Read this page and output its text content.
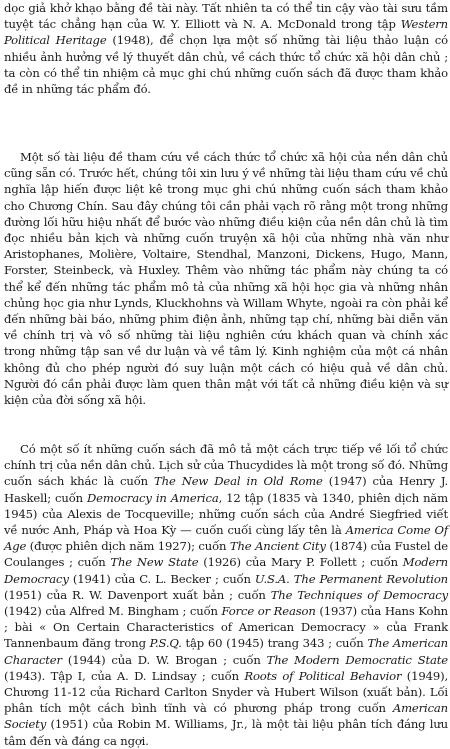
dọc giả khở khạo bằng đề tài này. Tất nhiên ta có thể tin cậy vào tài sưu tầm tuyệt tác chẳng hạn của W. Y. Elliott và N. A. McDonald trong tập Western Political Heritage (1948), để chọn lựa một số những tài liệu thảo luận có nhiều ảnh hưởng về lý thuyết dân chủ, về cách thức tổ chức xã hội dân chủ ; ta còn có thể tin nhiệm cả mục ghi chú những cuốn sách đã được tham khảo đề in những tác phẩm đó.

Một số tài liệu đề tham cứu về cách thức tổ chức xã hội của nền dân chủ cũng sẵn có. Trước hết, chúng tôi xin lưu ý về những tài liệu tham cứu về chủ nghĩa lập hiến được liệt kê trong mục ghi chú những cuốn sách tham khảo cho Chương Chín. Sau đây chúng tôi cần phải vạch rõ rằng một trong những đường lối hữu hiệu nhất để bước vào những điều kiện của nền dân chủ là tìm đọc nhiều bản kịch và những cuốn truyện xã hội của những nhà văn như Aristophanes, Molière, Voltaire, Stendhal, Manzoni, Dickens, Hugo, Mann, Forster, Steinbeck, và Huxley. Thêm vào những tác phẩm này chúng ta có thể kể đến những tác phẩm mô tả của những xã hội học gia và những nhân chủng học gia như Lynds, Kluckhohns và Willam Whyte, ngoài ra còn phải kể đến những bài báo, những phim điện ảnh, những tạp chí, những bài diễn văn về chính trị và vô số những tài liệu nghiên cứu khách quan và chính xác trong những tập san về dư luận và về tâm lý. Kinh nghiệm của một cá nhân không đủ cho phép người đó suy luận một cách có hiệu quả về dân chủ. Người đó cần phải được làm quen thân mật với tất cả những điều kiện và sự kiện của đời sống xã hội.

Có một số ít những cuốn sách đã mô tả một cách trực tiếp về lối tổ chức chính trị của nền dân chủ. Lịch sử của Thucydides là một trong số đó. Những cuốn sách khác là cuốn The New Deal in Old Rome (1947) của Henry J. Haskell; cuốn Democracy in America, 12 tập (1835 và 1340, phiên dịch năm 1945) của Alexis de Tocqueville; những cuốn sách của André Siegfried viết về nước Anh, Pháp và Hoa Kỳ — cuốn cuối cùng lấy tên là America Come Of Age (được phiên dịch năm 1927); cuốn The Ancient City (1874) của Fustel de Coulanges ; cuốn The New State (1926) của Mary P. Follett ; cuốn Modern Democracy (1941) của C. L. Becker ; cuốn U.S.A. The Permanent Revolution (1951) của R. W. Davenport xuất bản ; cuốn The Techniques of Democracy (1942) của Alfred M. Bingham ; cuốn Force or Reason (1937) của Hans Kohn ; bài « On Certain Characteristics of American Democracy » của Frank Tannenbaum đăng trong P.S.Q. tập 60 (1945) trang 343 ; cuốn The American Character (1944) của D. W. Brogan ; cuốn The Modern Democratic State (1943). Tập I, của A. D. Lindsay ; cuốn Roots of Political Behavior (1949), Chương 11-12 của Richard Carlton Snyder và Hubert Wilson (xuất bản). Lối phân tích một cách bình tĩnh và có phương pháp trong cuốn American Society (1951) của Robin M. Williams, Jr., là một tài liệu phân tích đáng lưu tâm đến và đáng ca ngợi.
